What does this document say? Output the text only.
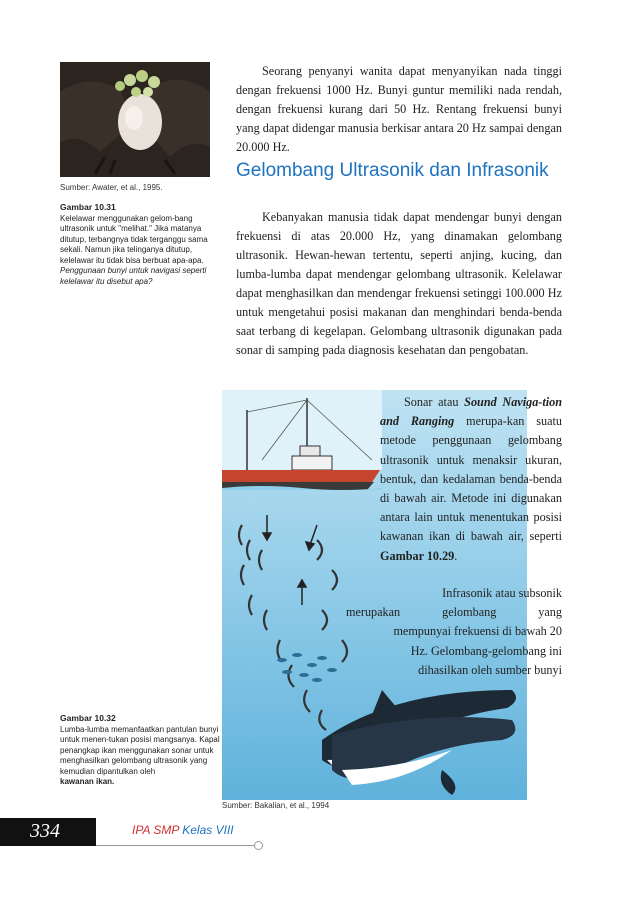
Sumber: Awater, et al., 1995.
Gambar 10.31
Kelelawar menggunakan gelom-bang ultrasonik untuk "melihat." Jika matanya ditutup, terbangnya tidak terganggu sama sekali. Namun jika telinganya ditutup, kelelawar itu tidak bisa berbuat apa-apa.
Penggunaan bunyi untuk navigasi seperti kelelawar itu disebut apa?
Gambar 10.32
Lumba-lumba memanfaatkan pantulan bunyi untuk menen-tukan posisi mangsanya. Kapal penangkap ikan menggunakan sonar untuk menghasilkan gelombang ultrasonik yang kemudian dipantulkan oleh
kawanan ikan.

Seorang penyanyi wanita dapat menyanyikan nada tinggi dengan frekuensi 1000 Hz. Bunyi guntur memiliki nada rendah, dengan frekuensi kurang dari 50 Hz. Rentang frekuensi bunyi yang dapat didengar manusia berkisar antara 20 Hz sampai dengan 20.000 Hz.

Gelombang Ultrasonik dan Infrasonik

Kebanyakan manusia tidak dapat mendengar bunyi dengan frekuensi di atas 20.000 Hz, yang dinamakan gelombang ultrasonik. Hewan-hewan tertentu, seperti anjing, kucing, dan lumba-lumba dapat mendengar gelombang ultrasonik. Kelelawar dapat menghasilkan dan mendengar frekuensi setinggi 100.000 Hz untuk mengetahui posisi makanan dan menghindari benda-benda saat terbang di kegelapan. Gelombang ultrasonik digunakan pada sonar di samping pada diagnosis kesehatan dan pengobatan.

Sonar atau Sound Naviga-tion and Ranging merupa-kan suatu metode penggunaan gelombang ultrasonik untuk menaksir ukuran, bentuk, dan kedalaman benda-benda di bawah air. Metode ini digunakan antara lain untuk menentukan posisi kawanan ikan di bawah air, seperti Gambar 10.29.

Infrasonik atau subsonik

merupakan gelombang yang

mempunyai frekuensi di bawah 20

Hz. Gelombang-gelombang ini

dihasilkan oleh sumber bunyi

Sumber: Bakalian, et al., 1994
334	IPA SMP Kelas VIII
